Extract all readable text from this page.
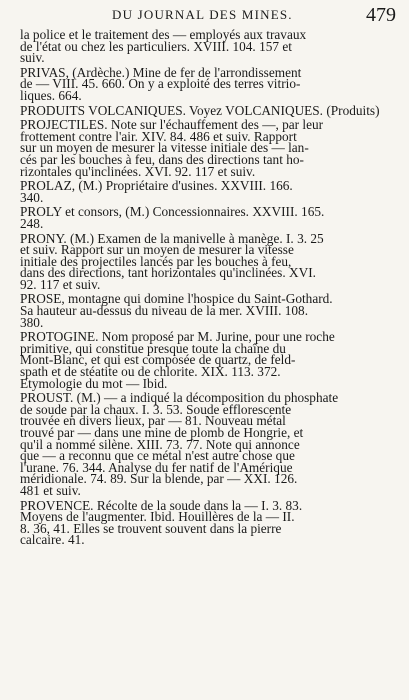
DU JOURNAL DES MINES.	479
la police et le traitement des — employés aux travaux
de l'état ou chez les particuliers. XVIII. 104. 157 et
suiv.
PRIVAS, (Ardèche.) Mine de fer de l'arrondissement
de — VIII. 45. 660. On y a exploité des terres vitrio-
liques. 664.
PRODUITS VOLCANIQUES. Voyez VOLCANIQUES. (Produits)
PROJECTILES. Note sur l'échauffement des —, par leur
frottement contre l'air. XIV. 84. 486 et suiv. Rapport
sur un moyen de mesurer la vitesse initiale des — lan-
cés par les bouches à feu, dans des directions tant ho-
rizontales qu'inclinées. XVI. 92. 117 et suiv.
PROLAZ, (M.) Propriétaire d'usines. XXVIII. 166.
340.
PROLY et consors, (M.) Concessionnaires. XXVIII. 165.
248.
PRONY. (M.) Examen de la manivelle à manège. I. 3. 25
et suiv. Rapport sur un moyen de mesurer la vitesse
initiale des projectiles lancés par les bouches à feu,
dans des directions, tant horizontales qu'inclinées. XVI.
92. 117 et suiv.
PROSE, montagne qui domine l'hospice du Saint-Gothard.
Sa hauteur au-dessus du niveau de la mer. XVIII. 108.
380.
PROTOGINE. Nom proposé par M. Jurine, pour une roche
primitive, qui constitue presque toute la chaîne du
Mont-Blanc, et qui est composée de quartz, de feld-
spath et de stéatite ou de chlorite. XIX. 113. 372.
Etymologie du mot — Ibid.
PROUST. (M.) — a indiqué la décomposition du phosphate
de soude par la chaux. I. 3. 53. Soude efflorescente
trouvée en divers lieux, par — 81. Nouveau métal
trouvé par — dans une mine de plomb de Hongrie, et
qu'il a nommé silène. XIII. 73. 77. Note qui annonce
que — a reconnu que ce métal n'est autre chose que
l'urane. 76. 344. Analyse du fer natif de l'Amérique
méridionale. 74. 89. Sur la blende, par — XXI. 126.
481 et suiv.
PROVENCE. Récolte de la soude dans la — I. 3. 83.
Moyens de l'augmenter. Ibid. Houillères de la — II.
8. 36, 41. Elles se trouvent souvent dans la pierre
calcaire. 41.
